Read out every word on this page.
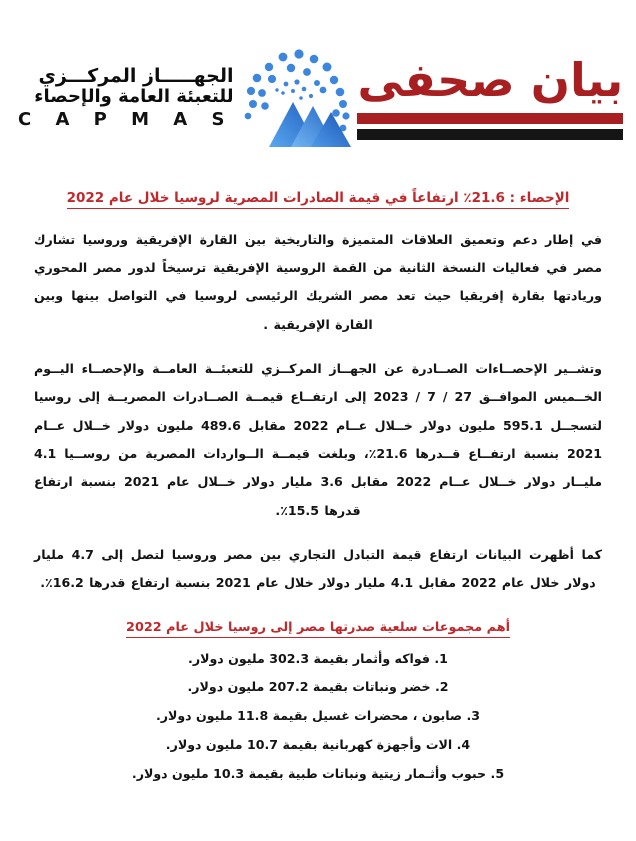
الجهـــــاز المركـــزي
للتعبئة العامة والإحصاء
C A P M A S
بيان صحفى
الإحصاء : 21.6٪ ارتفاعاً في قيمة الصادرات المصرية لروسيا خلال عام 2022

في إطار دعم وتعميق العلاقات المتميزة والتاريخية بين القارة الإفريقية وروسيا تشارك مصر في فعاليات النسخة الثانية من القمة الروسية الإفريقية ترسيخاً لدور مصر المحوري وريادتها بقارة إفريقيا حيث تعد مصر الشريك الرئيسى لروسيا في التواصل بينها وبين القارة الإفريقية .

وتشــير الإحصــاءات الصــادرة عن الجهــاز المركــزي للتعبئــة العامــة والإحصــاء اليــوم الخــميس الموافــق 27 / 7 / 2023 إلى ارتفــاع قيمــة الصــادرات المصريــة إلى روسيا لتسجــل 595.1 مليون دولار خــلال عــام 2022 مقابل 489.6 مليون دولار خــلال عــام 2021 بنسبة ارتفــاع قــدرها 21.6٪، وبلغت قيمــة الــواردات المصرية من روســيا 4.1 مليــار دولار خــلال عــام 2022 مقابل 3.6 مليار دولار خــلال عام 2021 بنسبة ارتفاع قدرها 15.5٪.

كما أظهرت البيانات ارتفاع قيمة التبادل التجاري بين مصر وروسيا لتصل إلى 4.7 مليار دولار خلال عام 2022 مقابل 4.1 مليار دولار خلال عام 2021 بنسبة ارتفاع قدرها 16.2٪.

أهم مجموعات سلعية صدرتها مصر إلى روسيا خلال عام 2022
1. فواكه وأثمار بقيمة 302.3 مليون دولار.
2. خضر ونباتات بقيمة 207.2 مليون دولار.
3. صابون ، محضرات غسيل بقيمة 11.8 مليون دولار.
4. الات وأجهزة كهربانية بقيمة 10.7 مليون دولار.
5. حبوب وأثـمار زيتية ونباتات طبية بقيمة 10.3 مليون دولار.
